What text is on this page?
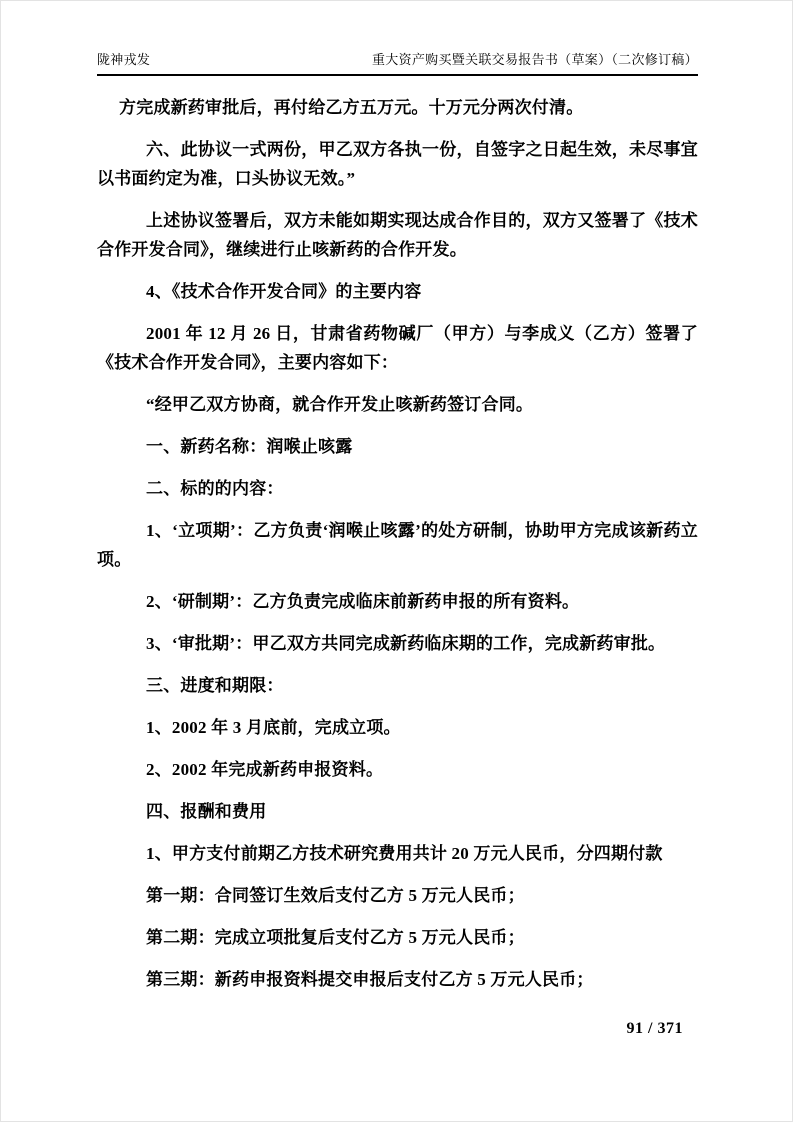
陇神戎发	重大资产购买暨关联交易报告书（草案）（二次修订稿）

方完成新药审批后，再付给乙方五万元。十万元分两次付清。

六、此协议一式两份，甲乙双方各执一份，自签字之日起生效，未尽事宜以书面约定为准，口头协议无效。”

上述协议签署后，双方未能如期实现达成合作目的，双方又签署了《技术合作开发合同》，继续进行止咳新药的合作开发。

4、《技术合作开发合同》的主要内容

2001 年 12 月 26 日，甘肃省药物碱厂（甲方）与李成义（乙方）签署了《技术合作开发合同》，主要内容如下：

“经甲乙双方协商，就合作开发止咳新药签订合同。

一、新药名称：润喉止咳露

二、标的的内容：

1、‘立项期’：乙方负责‘润喉止咳露’的处方研制，协助甲方完成该新药立项。

2、‘研制期’：乙方负责完成临床前新药申报的所有资料。

3、‘审批期’：甲乙双方共同完成新药临床期的工作，完成新药审批。

三、进度和期限：

1、2002 年 3 月底前，完成立项。

2、2002 年完成新药申报资料。

四、报酬和费用

1、甲方支付前期乙方技术研究费用共计 20 万元人民币，分四期付款

第一期：合同签订生效后支付乙方 5 万元人民币；

第二期：完成立项批复后支付乙方 5 万元人民币；

第三期：新药申报资料提交申报后支付乙方 5 万元人民币；

91 / 371
